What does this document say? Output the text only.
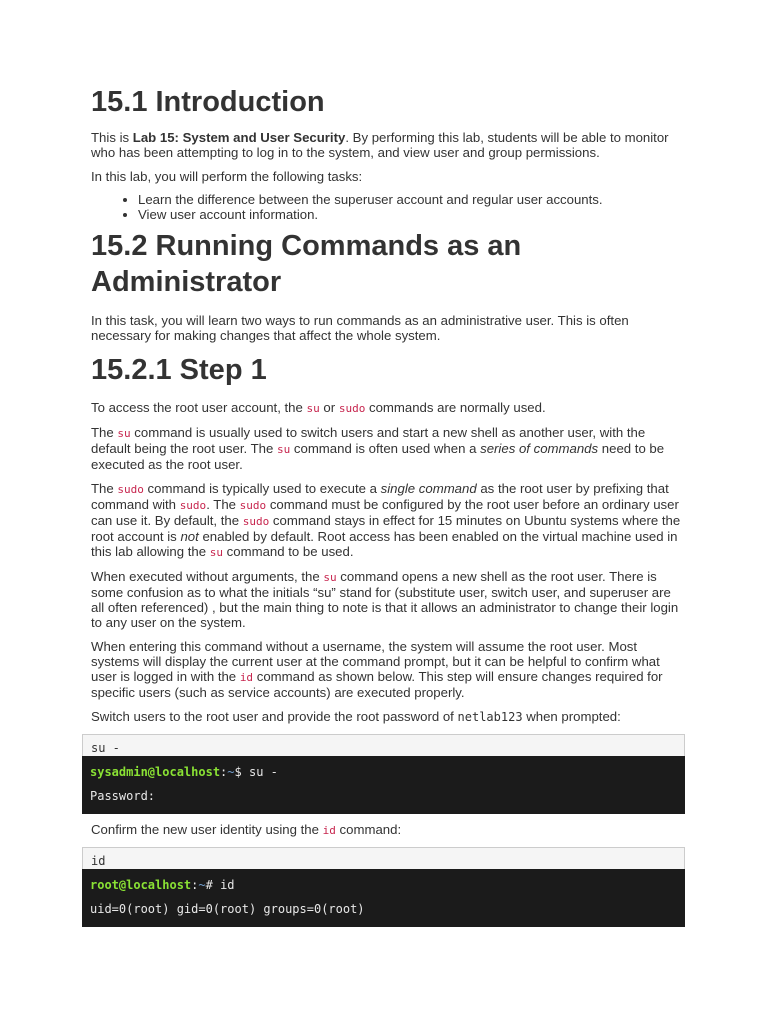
15.1 Introduction

This is Lab 15: System and User Security. By performing this lab, students will be able to monitor who has been attempting to log in to the system, and view user and group permissions.

In this lab, you will perform the following tasks:

• Learn the difference between the superuser account and regular user accounts.
• View user account information.
15.2 Running Commands as an Administrator

In this task, you will learn two ways to run commands as an administrative user. This is often necessary for making changes that affect the whole system.

15.2.1 Step 1

To access the root user account, the su or sudo commands are normally used.

The su command is usually used to switch users and start a new shell as another user, with the default being the root user. The su command is often used when a series of commands need to be executed as the root user.

The sudo command is typically used to execute a single command as the root user by prefixing that command with sudo. The sudo command must be configured by the root user before an ordinary user can use it. By default, the sudo command stays in effect for 15 minutes on Ubuntu systems where the root account is not enabled by default. Root access has been enabled on the virtual machine used in this lab allowing the su command to be used.

When executed without arguments, the su command opens a new shell as the root user. There is some confusion as to what the initials “su” stand for (substitute user, switch user, and superuser are all often referenced) , but the main thing to note is that it allows an administrator to change their login to any user on the system.

When entering this command without a username, the system will assume the root user. Most systems will display the current user at the command prompt, but it can be helpful to confirm what user is logged in with the id command as shown below. This step will ensure changes required for specific users (such as service accounts) are executed properly.

Switch users to the root user and provide the root password of netlab123 when prompted:

su -
sysadmin@localhost:~$ su -
Password:

Confirm the new user identity using the id command:

id
root@localhost:~# id
uid=0(root) gid=0(root) groups=0(root)
